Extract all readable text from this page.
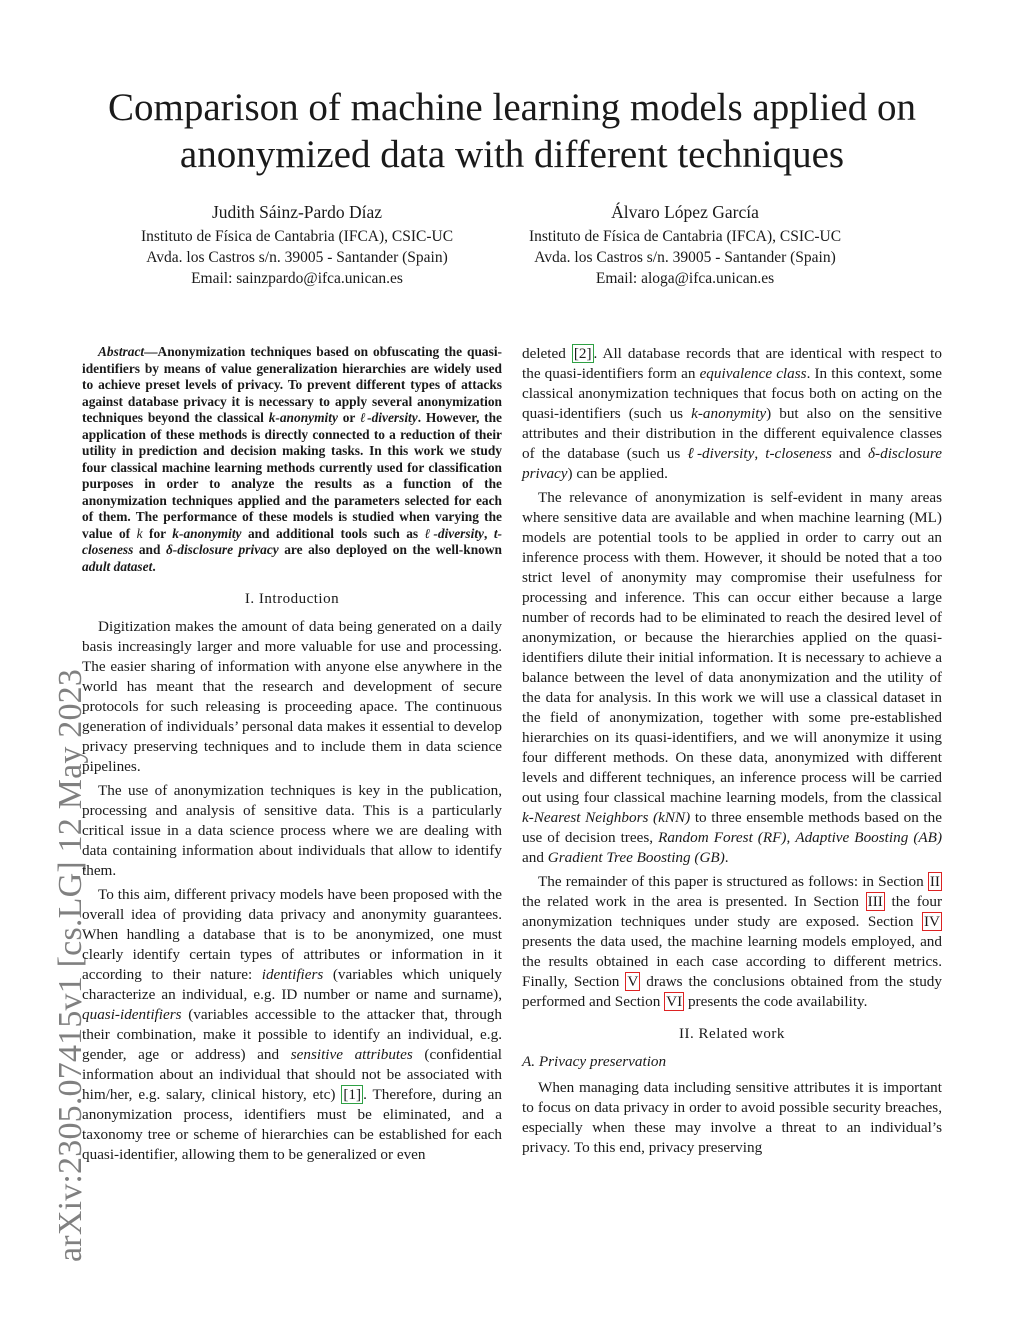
Comparison of machine learning models applied on
anonymized data with different techniques
Judith Sáinz-Pardo Díaz
Instituto de Física de Cantabria (IFCA), CSIC-UC
Avda. los Castros s/n. 39005 - Santander (Spain)
Email: sainzpardo@ifca.unican.es
Álvaro López García
Instituto de Física de Cantabria (IFCA), CSIC-UC
Avda. los Castros s/n. 39005 - Santander (Spain)
Email: aloga@ifca.unican.es
arXiv:2305.07415v1 [cs.LG] 12 May 2023

Abstract—Anonymization techniques based on obfuscating the quasi-identifiers by means of value generalization hierarchies are widely used to achieve preset levels of privacy. To prevent different types of attacks against database privacy it is necessary to apply several anonymization techniques beyond the classical k-anonymity or ℓ-diversity. However, the application of these methods is directly connected to a reduction of their utility in prediction and decision making tasks. In this work we study four classical machine learning methods currently used for classification purposes in order to analyze the results as a function of the anonymization techniques applied and the parameters selected for each of them. The performance of these models is studied when varying the value of k for k-anonymity and additional tools such as ℓ-diversity, t-closeness and δ-disclosure privacy are also deployed on the well-known adult dataset.

I. Introduction

Digitization makes the amount of data being generated on a daily basis increasingly larger and more valuable for use and processing. The easier sharing of information with anyone else anywhere in the world has meant that the research and development of secure protocols for such releasing is proceeding apace. The continuous generation of individuals’ personal data makes it essential to develop privacy preserving techniques and to include them in data science pipelines.

The use of anonymization techniques is key in the publication, processing and analysis of sensitive data. This is a particularly critical issue in a data science process where we are dealing with data containing information about individuals that allow to identify them.

To this aim, different privacy models have been proposed with the overall idea of providing data privacy and anonymity guarantees. When handling a database that is to be anonymized, one must clearly identify certain types of attributes or information in it according to their nature: identifiers (variables which uniquely characterize an individual, e.g. ID number or name and surname), quasi-identifiers (variables accessible to the attacker that, through their combination, make it possible to identify an individual, e.g. gender, age or address) and sensitive attributes (confidential information about an individual that should not be associated with him/her, e.g. salary, clinical history, etc) [1] . Therefore, during an anonymization process, identifiers must be eliminated, and a taxonomy tree or scheme of hierarchies can be established for each quasi-identifier, allowing them to be generalized or even

deleted [2] . All database records that are identical with respect to the quasi-identifiers form an equivalence class. In this context, some classical anonymization techniques that focus both on acting on the quasi-identifiers (such us k-anonymity) but also on the sensitive attributes and their distribution in the different equivalence classes of the database (such us ℓ-diversity, t-closeness and δ-disclosure privacy) can be applied.

The relevance of anonymization is self-evident in many areas where sensitive data are available and when machine learning (ML) models are potential tools to be applied in order to carry out an inference process with them. However, it should be noted that a too strict level of anonymity may compromise their usefulness for processing and inference. This can occur either because a large number of records had to be eliminated to reach the desired level of anonymization, or because the hierarchies applied on the quasi-identifiers dilute their initial information. It is necessary to achieve a balance between the level of data anonymization and the utility of the data for analysis. In this work we will use a classical dataset in the field of anonymization, together with some pre-established hierarchies on its quasi-identifiers, and we will anonymize it using four different methods. On these data, anonymized with different levels and different techniques, an inference process will be carried out using four classical machine learning models, from the classical k-Nearest Neighbors (kNN) to three ensemble methods based on the use of decision trees, Random Forest (RF), Adaptive Boosting (AB) and Gradient Tree Boosting (GB).

The remainder of this paper is structured as follows: in Section II the related work in the area is presented. In Section III the four anonymization techniques under study are exposed. Section IV presents the data used, the machine learning models employed, and the results obtained in each case according to different metrics. Finally, Section V draws the conclusions obtained from the study performed and Section VI presents the code availability.

II. Related work
A. Privacy preservation

When managing data including sensitive attributes it is important to focus on data privacy in order to avoid possible security breaches, especially when these may involve a threat to an individual’s privacy. To this end, privacy preserving
